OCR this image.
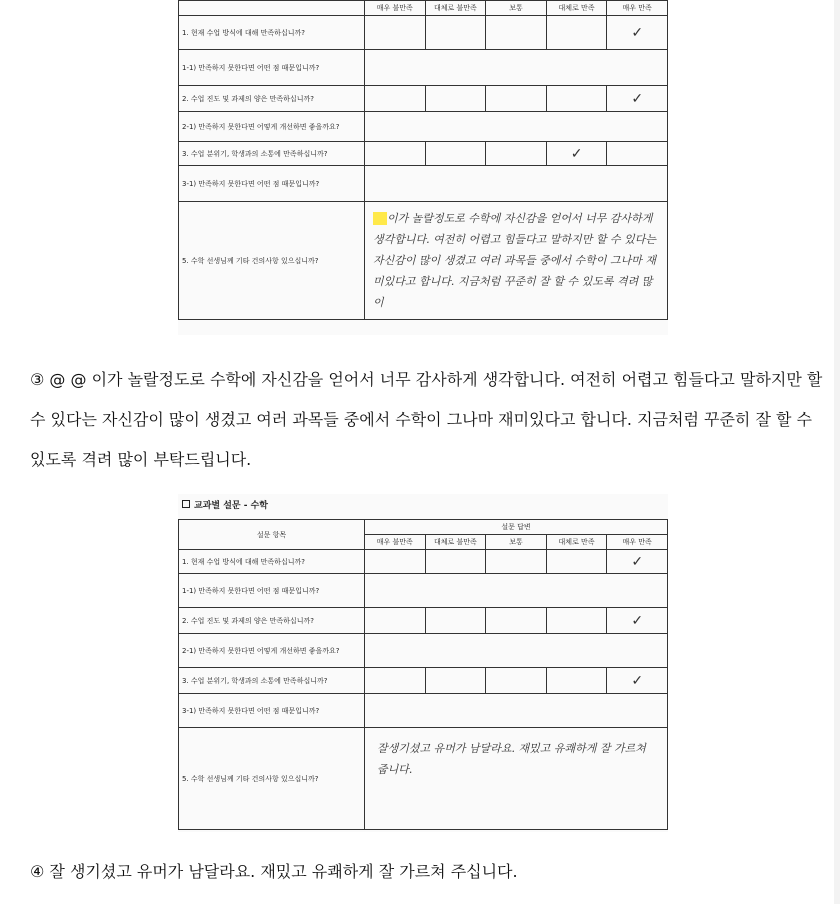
	매우 불만족	대체로 불만족	보통	대체로 만족	매우 만족
1. 현재 수업 방식에 대해 만족하십니까?					✓
1-1) 만족하지 못한다면 어떤 점 때문입니까?					
2. 수업 진도 및 과제의 양은 만족하십니까?					✓
2-1) 만족하지 못한다면 어떻게 개선하면 좋을까요?					
3. 수업 분위기, 학생과의 소통에 만족하십니까?				✓	
3-1) 만족하지 못한다면 어떤 점 때문입니까?					
5. 수학 선생님께 기타 건의사항 있으십니까?	이가 놀랄정도로 수학에 자신감을 얻어서 너무 감사하게 생각합니다. 여전히 어렵고 힘들다고 말하지만 할 수 있다는 자신감이 많이 생겼고 여러 과목들 중에서 수학이 그나마 재미있다고 합니다. 지금처럼 꾸준히 잘 할 수 있도록 격려 많이				
③ @ @ 이가 놀랄정도로 수학에 자신감을 얻어서 너무 감사하게 생각합니다. 여전히 어렵고 힘들다고 말하지만 할 수 있다는 자신감이 많이 생겼고 여러 과목들 중에서 수학이 그나마 재미있다고 합니다. 지금처럼 꾸준히 잘 할 수 있도록 격려 많이 부탁드립니다.
교과별 설문 - 수학
설문 항목	설문 답변				
	매우 불만족	대체로 불만족	보통	대체로 만족	매우 만족
1. 현재 수업 방식에 대해 만족하십니까?					✓
1-1) 만족하지 못한다면 어떤 점 때문입니까?					
2. 수업 진도 및 과제의 양은 만족하십니까?					✓
2-1) 만족하지 못한다면 어떻게 개선하면 좋을까요?					
3. 수업 분위기, 학생과의 소통에 만족하십니까?					✓
3-1) 만족하지 못한다면 어떤 점 때문입니까?					
5. 수학 선생님께 기타 건의사항 있으십니까?	잘생기셨고 유머가 남달라요. 재밌고 유쾌하게 잘 가르쳐줍니다.				
④ 잘 생기셨고 유머가 남달라요. 재밌고 유쾌하게 잘 가르쳐 주십니다.
